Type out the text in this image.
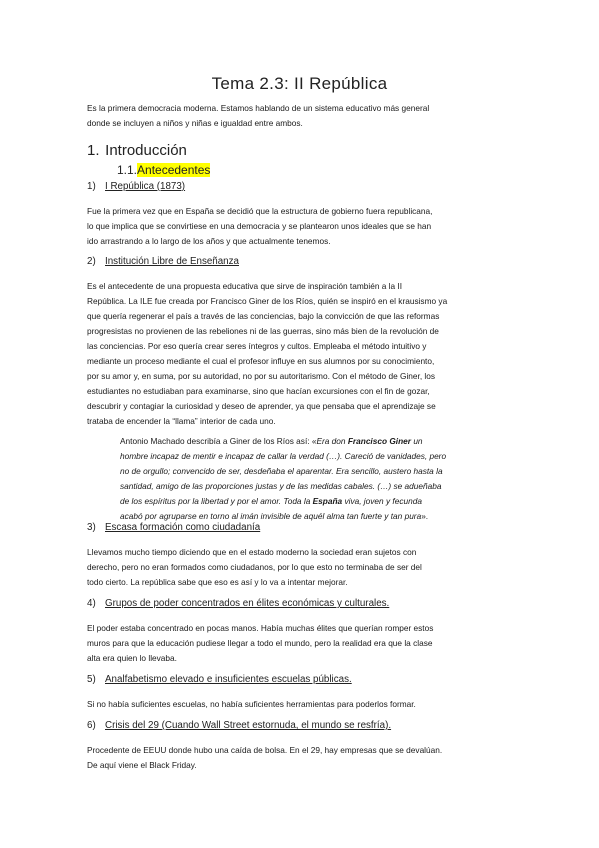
Tema 2.3: II República
Es la primera democracia moderna. Estamos hablando de un sistema educativo más general
donde se incluyen a niños y niñas e igualdad entre ambos.
1. Introducción
1.1.Antecedentes
1) I República (1873)
Fue la primera vez que en España se decidió que la estructura de gobierno fuera republicana,
lo que implica que se convirtiese en una democracia y se plantearon unos ideales que se han
ido arrastrando a lo largo de los años y que actualmente tenemos.
2) Institución Libre de Enseñanza
Es el antecedente de una propuesta educativa que sirve de inspiración también a la II
República. La ILE fue creada por Francisco Giner de los Ríos, quién se inspiró en el krausismo ya
que quería regenerar el país a través de las conciencias, bajo la convicción de que las reformas
progresistas no provienen de las rebeliones ni de las guerras, sino más bien de la revolución de
las conciencias. Por eso quería crear seres íntegros y cultos. Empleaba el método intuitivo y
mediante un proceso mediante el cual el profesor influye en sus alumnos por su conocimiento,
por su amor y, en suma, por su autoridad, no por su autoritarismo. Con el método de Giner, los
estudiantes no estudiaban para examinarse, sino que hacían excursiones con el fin de gozar,
descubrir y contagiar la curiosidad y deseo de aprender, ya que pensaba que el aprendizaje se
trataba de encender la “llama” interior de cada uno.
Antonio Machado describía a Giner de los Ríos así: «Era don Francisco Giner un
hombre incapaz de mentir e incapaz de callar la verdad (…). Careció de vanidades, pero
no de orgullo; convencido de ser, desdeñaba el aparentar. Era sencillo, austero hasta la
santidad, amigo de las proporciones justas y de las medidas cabales. (…) se adueñaba
de los espíritus por la libertad y por el amor. Toda la España viva, joven y fecunda
acabó por agruparse en torno al imán invisible de aquél alma tan fuerte y tan pura».
3) Escasa formación como ciudadanía
Llevamos mucho tiempo diciendo que en el estado moderno la sociedad eran sujetos con
derecho, pero no eran formados como ciudadanos, por lo que esto no terminaba de ser del
todo cierto. La república sabe que eso es así y lo va a intentar mejorar.
4) Grupos de poder concentrados en élites económicas y culturales.
El poder estaba concentrado en pocas manos. Había muchas élites que querían romper estos
muros para que la educación pudiese llegar a todo el mundo, pero la realidad era que la clase
alta era quien lo llevaba.
5) Analfabetismo elevado e insuficientes escuelas públicas.
Si no había suficientes escuelas, no había suficientes herramientas para poderlos formar.
6) Crisis del 29 (Cuando Wall Street estornuda, el mundo se resfría).
Procedente de EEUU donde hubo una caída de bolsa. En el 29, hay empresas que se devalúan.
De aquí viene el Black Friday.
